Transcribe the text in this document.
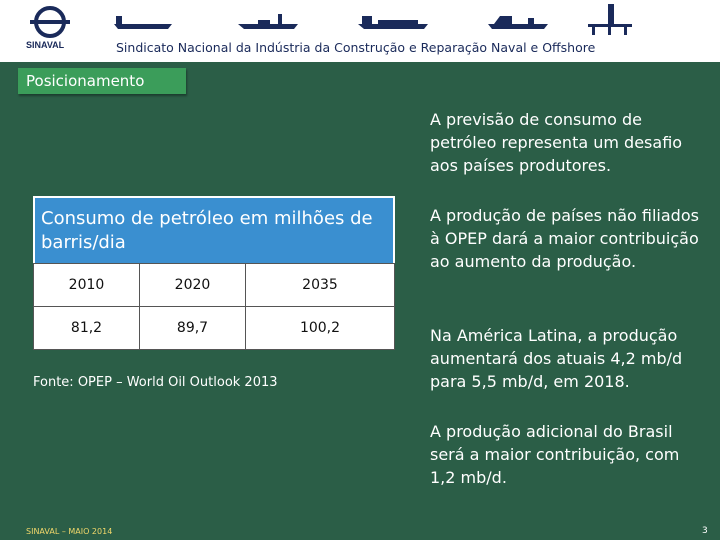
SINAVAL	Sindicato Nacional da Indústria da Construção e Reparação Naval e Offshore
Posicionamento
Consumo de petróleo em milhões de barris/dia
2010	2020	2035
81,2	89,7	100,2
Fonte: OPEP – World Oil Outlook 2013

A previsão de consumo de petróleo representa um desafio aos países produtores.

A produção de países não filiados à OPEP dará a maior contribuição ao aumento da produção.

Na América Latina, a produção aumentará dos atuais 4,2 mb/d para 5,5 mb/d, em 2018.

A produção adicional do Brasil será a maior contribuição, com 1,2 mb/d.

SINAVAL – MAIO 2014	3
